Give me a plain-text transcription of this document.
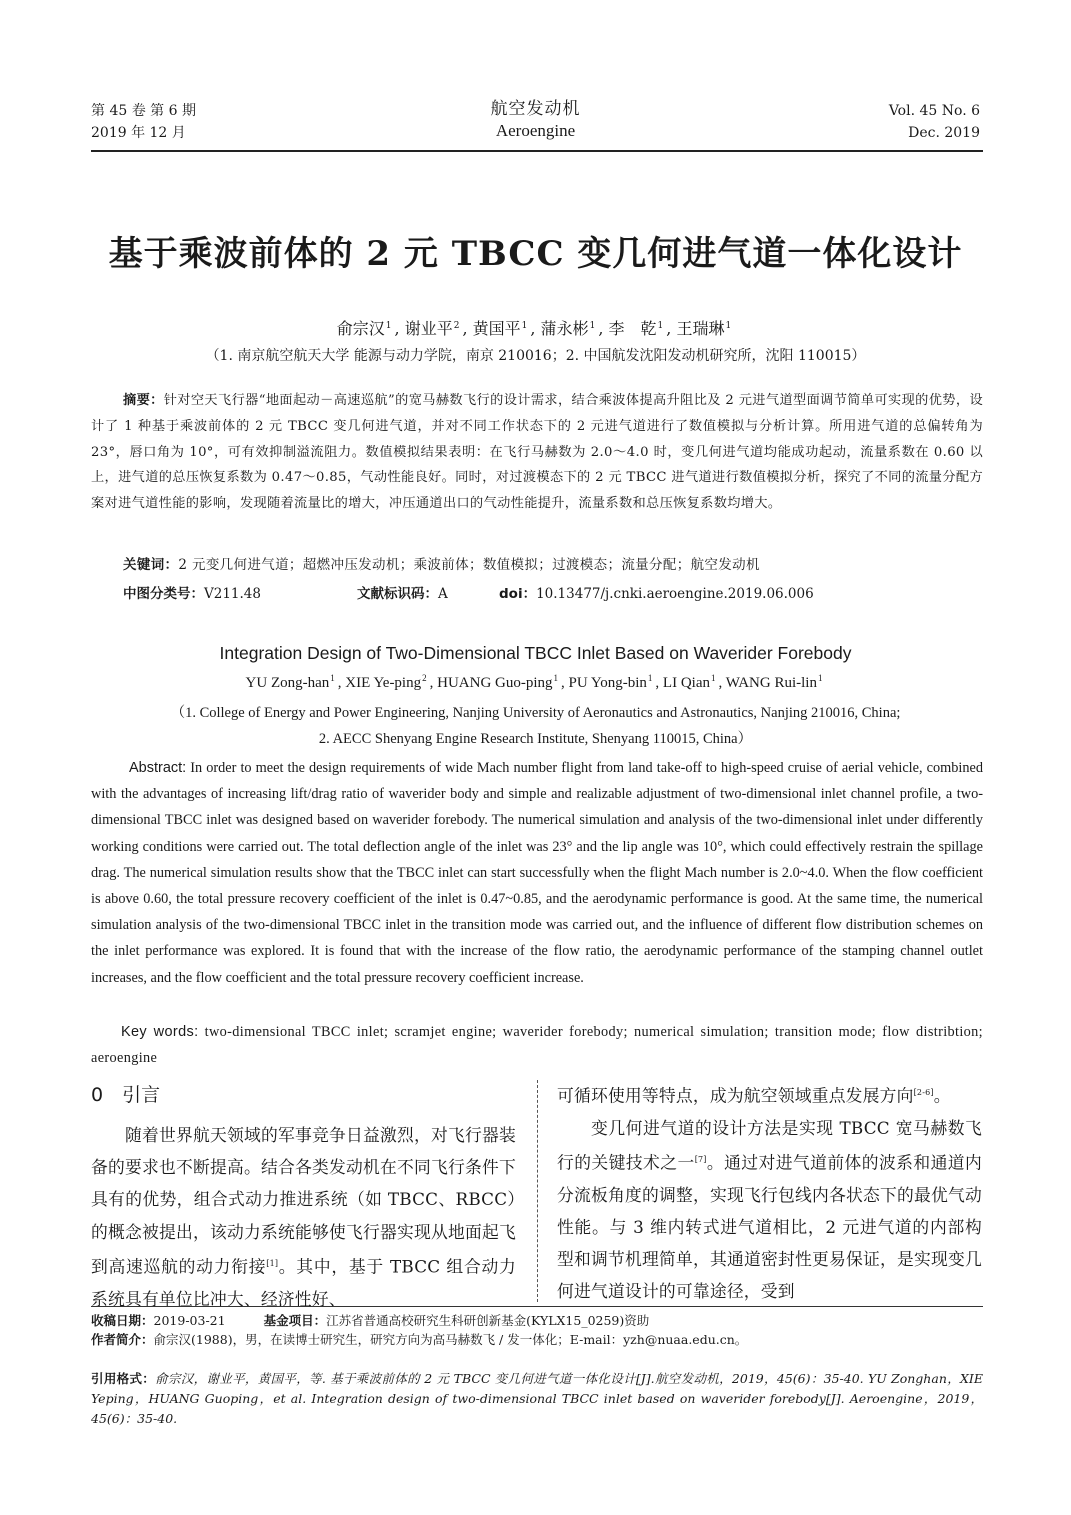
第 45 卷 第 6 期
2019 年 12 月
航空发动机
Aeroengine
Vol. 45 No. 6
Dec. 2019
基于乘波前体的 2 元 TBCC 变几何进气道一体化设计
俞宗汉$^1$ , 谢业平$^2$ , 黄国平$^1$ , 蒲永彬$^1$ , 李　乾$^1$ , 王瑞琳$^1$
（1. 南京航空航天大学 能源与动力学院，南京 210016；2. 中国航发沈阳发动机研究所，沈阳 110015）
摘要：针对空天飞行器“地面起动－高速巡航”的宽马赫数飞行的设计需求，结合乘波体提高升阻比及 2 元进气道型面调节简单可实现的优势，设计了 1 种基于乘波前体的 2 元 TBCC 变几何进气道，并对不同工作状态下的 2 元进气道进行了数值模拟与分析计算。所用进气道的总偏转角为 23°，唇口角为 10°，可有效抑制溢流阻力。数值模拟结果表明：在飞行马赫数为 2.0～4.0 时，变几何进气道均能成功起动，流量系数在 0.60 以上，进气道的总压恢复系数为 0.47～0.85，气动性能良好。同时，对过渡模态下的 2 元 TBCC 进气道进行数值模拟分析，探究了不同的流量分配方案对进气道性能的影响，发现随着流量比的增大，冲压通道出口的气动性能提升，流量系数和总压恢复系数均增大。
关键词：2 元变几何进气道；超燃冲压发动机；乘波前体；数值模拟；过渡模态；流量分配；航空发动机
中图分类号：V211.48	文献标识码：A	doi：10.13477/j.cnki.aeroengine.2019.06.006
Integration Design of Two-Dimensional TBCC Inlet Based on Waverider Forebody
YU Zong-han$^1$ , XIE Ye-ping$^2$ , HUANG Guo-ping$^1$ , PU Yong-bin$^1$ , LI Qian$^1$ , WANG Rui-lin$^1$
（1. College of Energy and Power Engineering, Nanjing University of Aeronautics and Astronautics, Nanjing 210016, China;
2. AECC Shenyang Engine Research Institute, Shenyang 110015, China）
Abstract: In order to meet the design requirements of wide Mach number flight from land take-off to high-speed cruise of aerial vehicle, combined with the advantages of increasing lift/drag ratio of waverider body and simple and realizable adjustment of two-dimensional inlet channel profile, a two-dimensional TBCC inlet was designed based on waverider forebody. The numerical simulation and analysis of the two-dimensional inlet under differently working conditions were carried out. The total deflection angle of the inlet was 23° and the lip angle was 10°, which could effectively restrain the spillage drag. The numerical simulation results show that the TBCC inlet can start successfully when the flight Mach number is 2.0~4.0. When the flow coefficient is above 0.60, the total pressure recovery coefficient of the inlet is 0.47~0.85, and the aerodynamic performance is good. At the same time, the numerical simulation analysis of the two-dimensional TBCC inlet in the transition mode was carried out, and the influence of different flow distribution schemes on the inlet performance was explored. It is found that with the increase of the flow ratio, the aerodynamic performance of the stamping channel outlet increases, and the flow coefficient and the total pressure recovery coefficient increase.
Key words: two-dimensional TBCC inlet; scramjet engine; waverider forebody; numerical simulation; transition mode; flow distribtion; aeroengine
0　引言
随着世界航天领域的军事竞争日益激烈，对飞行器装备的要求也不断提高。结合各类发动机在不同飞行条件下具有的优势，组合式动力推进系统（如 TBCC、RBCC）的概念被提出，该动力系统能够使飞行器实现从地面起飞到高速巡航的动力衔接[1]。其中，基于 TBCC 组合动力系统具有单位比冲大、经济性好、

可循环使用等特点，成为航空领域重点发展方向[2-6]。

变几何进气道的设计方法是实现 TBCC 宽马赫数飞行的关键技术之一[7]。通过对进气道前体的波系和通道内分流板角度的调整，实现飞行包线内各状态下的最优气动性能。与 3 维内转式进气道相比，2 元进气道的内部构型和调节机理简单，其通道密封性更易保证，是实现变几何进气道设计的可靠途径，受到

收稿日期：2019-03-21	基金项目：江苏省普通高校研究生科研创新基金(KYLX15_0259)资助
作者简介：俞宗汉(1988)，男，在读博士研究生，研究方向为高马赫数飞 / 发一体化；E-mail：yzh@nuaa.edu.cn。
引用格式：俞宗汉，谢业平，黄国平，等. 基于乘波前体的 2 元 TBCC 变几何进气道一体化设计[J].航空发动机，2019，45(6)：35-40. YU Zonghan，XIE Yeping，HUANG Guoping，et al. Integration design of two-dimensional TBCC inlet based on waverider forebody[J]. Aeroengine，2019，45(6)：35-40.
